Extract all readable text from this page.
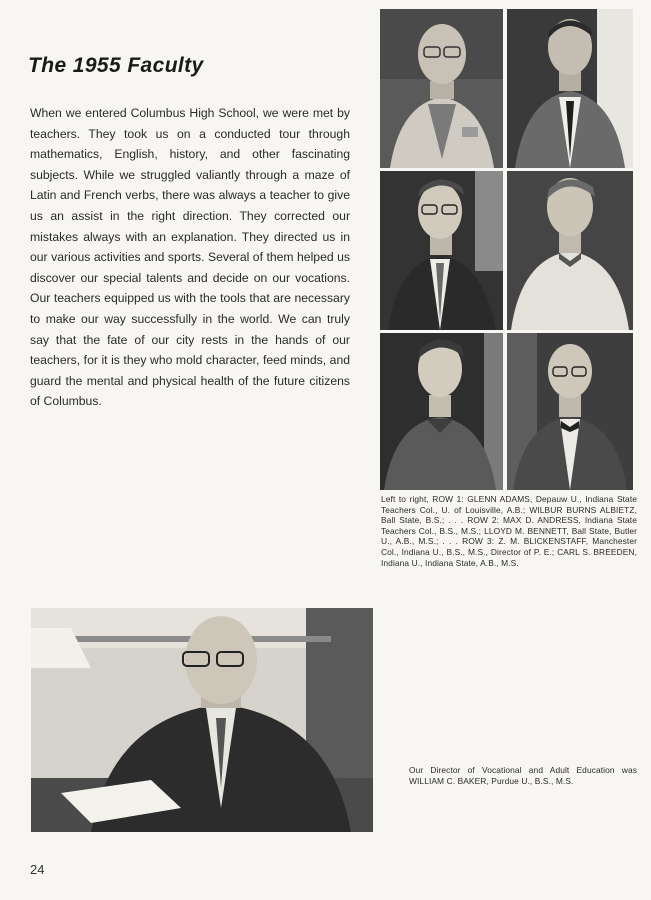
The 1955 Faculty

When we entered Columbus High School, we were met by teachers. They took us on a conducted tour through mathematics, English, history, and other fascinating subjects. While we struggled valiantly through a maze of Latin and French verbs, there was always a teacher to give us an assist in the right direction. They corrected our mistakes always with an explanation. They directed us in our various activities and sports. Several of them helped us discover our special talents and decide on our vocations. Our teachers equipped us with the tools that are necessary to make our way successfully in the world. We can truly say that the fate of our city rests in the hands of our teachers, for it is they who mold character, feed minds, and guard the mental and physical health of the future citizens of Columbus.

Left to right, ROW 1: GLENN ADAMS, Depauw U., Indiana State Teachers Col., U. of Louisville, A.B.; WILBUR BURNS ALBIETZ, Ball State, B.S.; . . . ROW 2: MAX D. ANDRESS, Indiana State Teachers Col., B.S., M.S.; LLOYD M. BENNETT, Ball State, Butler U., A.B., M.S.; . . . ROW 3: Z. M. BLICKENSTAFF, Manchester Col., Indiana U., B.S., M.S., Director of P. E.; CARL S. BREEDEN, Indiana U., Indiana State, A.B., M.S.

Our Director of Vocational and Adult Education was WILLIAM C. BAKER, Purdue U., B.S., M.S.

24
